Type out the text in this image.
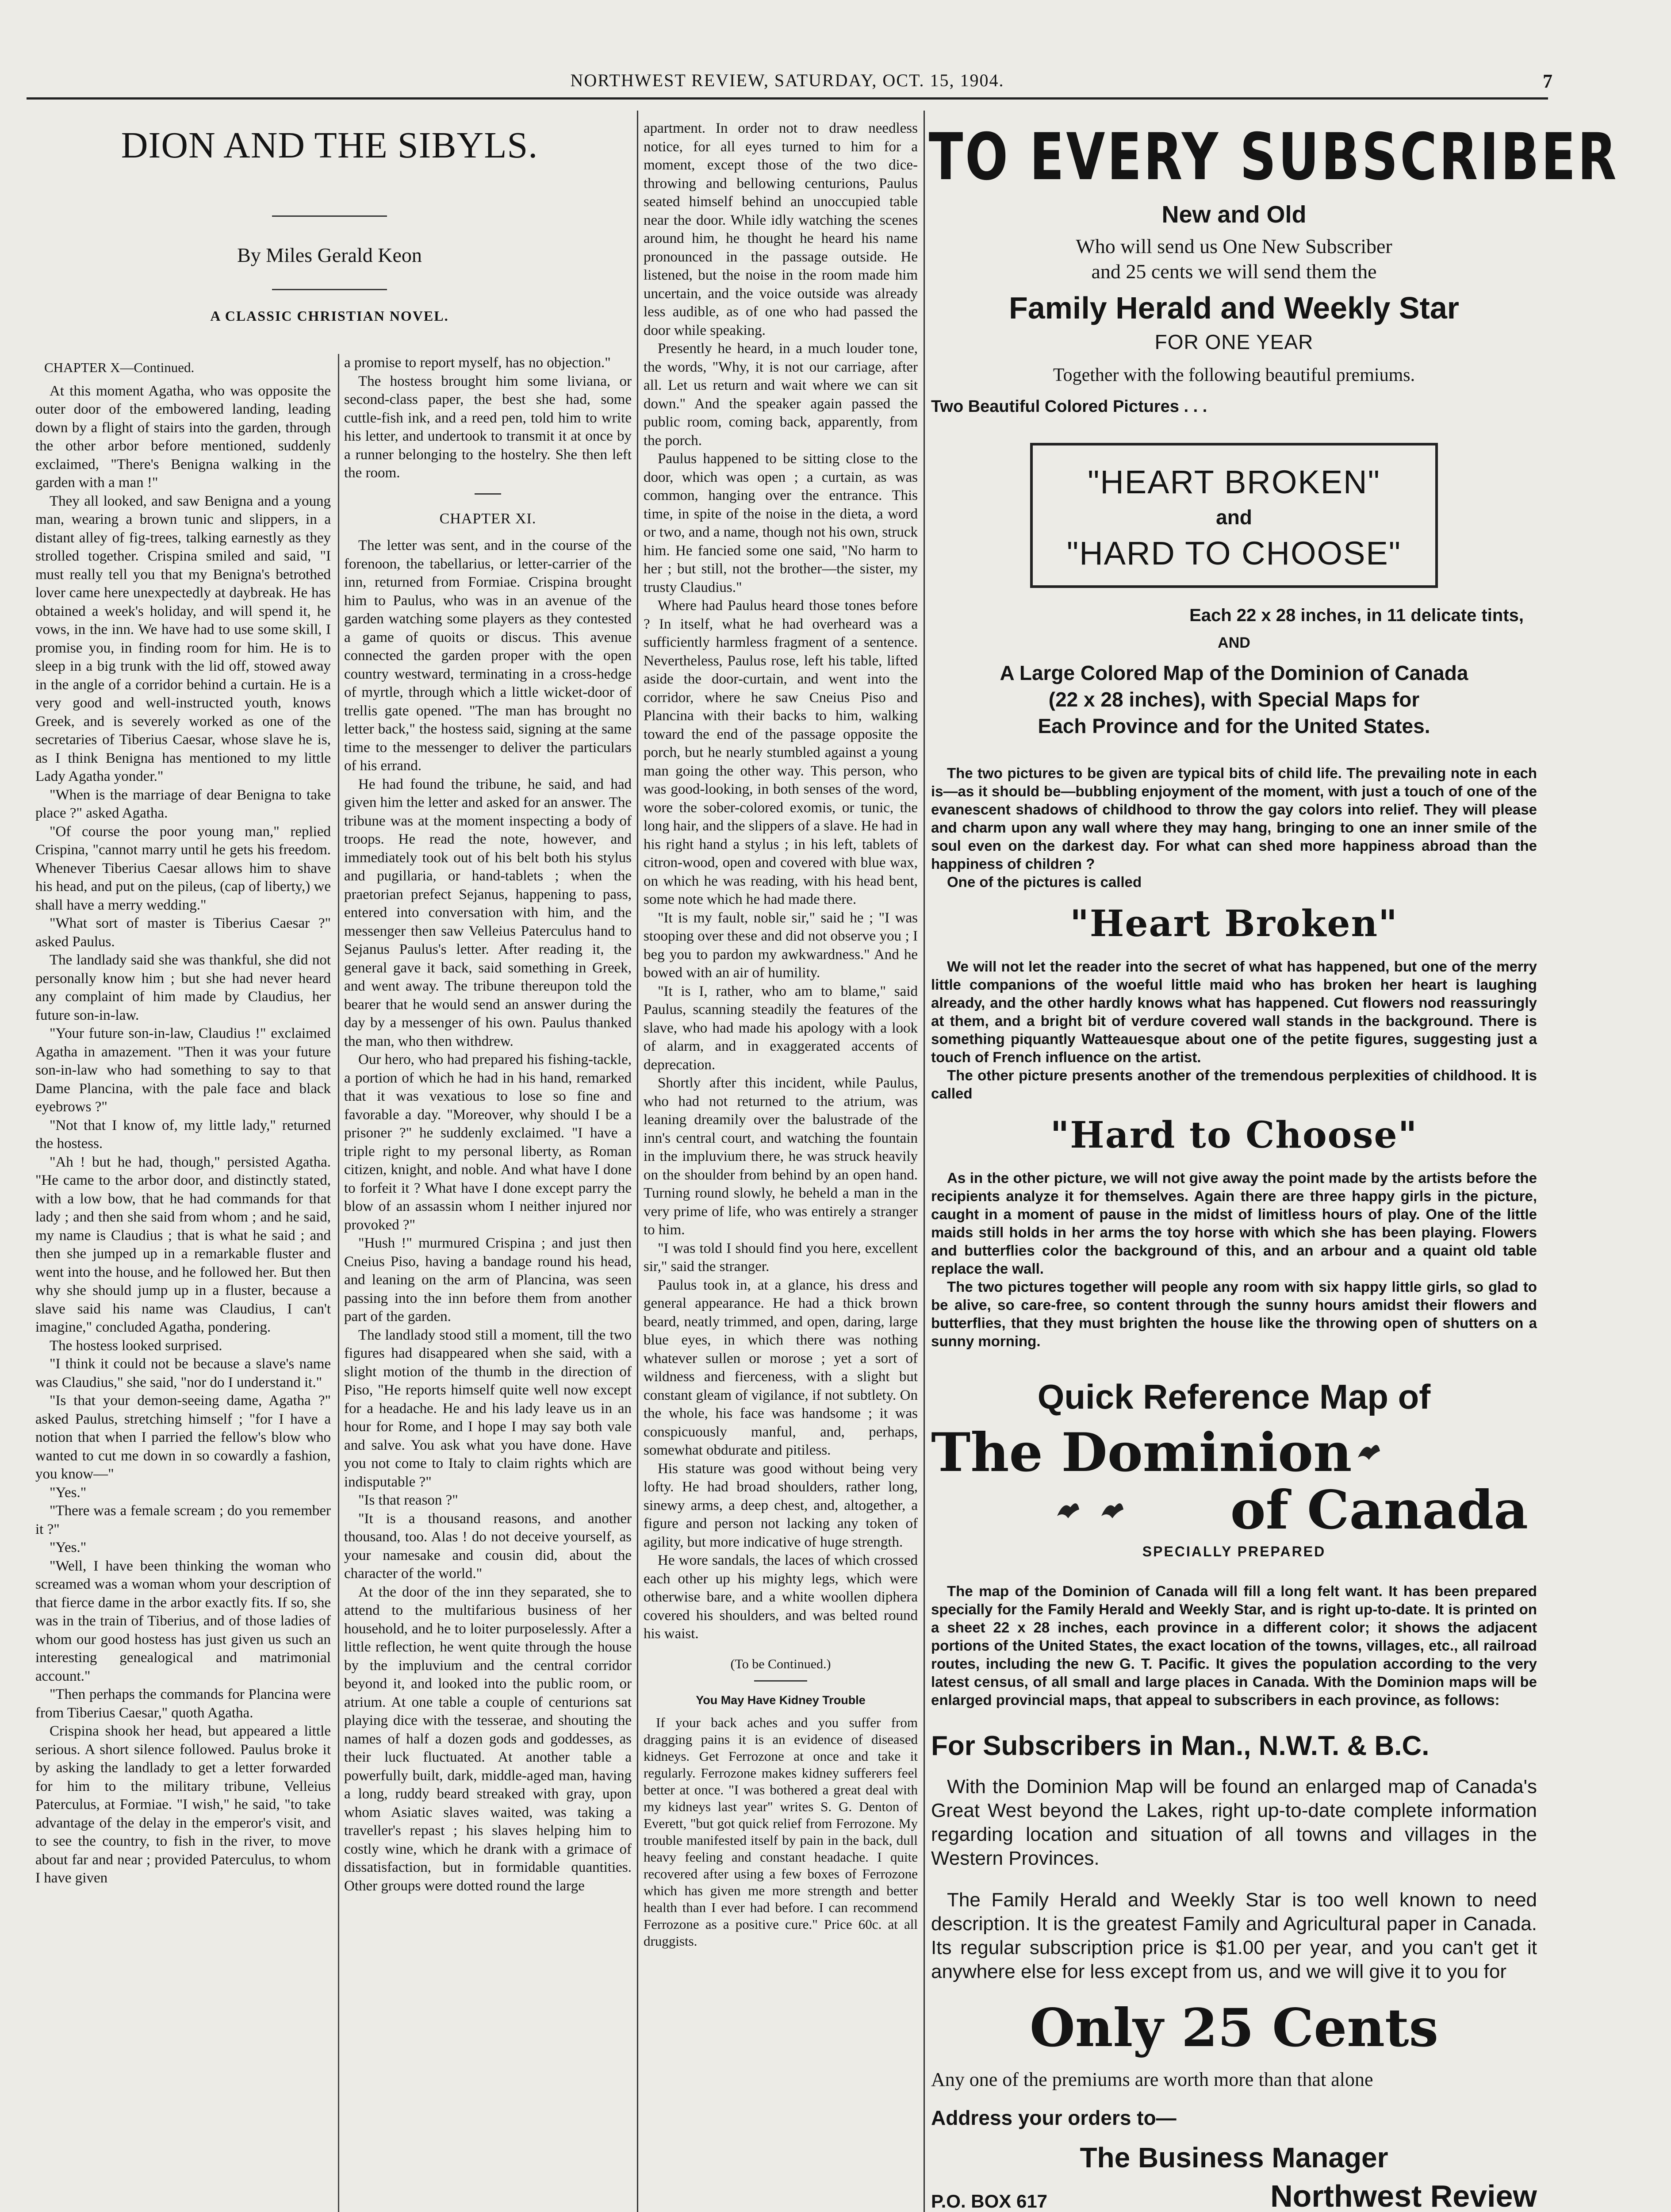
NORTHWEST REVIEW, SATURDAY, OCT. 15, 1904.	7
DION AND THE SIBYLS.
By Miles Gerald Keon
A CLASSIC CHRISTIAN NOVEL.
CHAPTER X—Continued.

At this moment Agatha, who was opposite the outer door of the embowered landing, leading down by a flight of stairs into the garden, through the other arbor before mentioned, suddenly exclaimed, "There's Benigna walking in the garden with a man !"

They all looked, and saw Benigna and a young man, wearing a brown tunic and slippers, in a distant alley of fig-trees, talking earnestly as they strolled together. Crispina smiled and said, "I must really tell you that my Benigna's betrothed lover came here unexpectedly at daybreak. He has obtained a week's holiday, and will spend it, he vows, in the inn. We have had to use some skill, I promise you, in finding room for him. He is to sleep in a big trunk with the lid off, stowed away in the angle of a corridor behind a curtain. He is a very good and well-instructed youth, knows Greek, and is severely worked as one of the secretaries of Tiberius Caesar, whose slave he is, as I think Benigna has mentioned to my little Lady Agatha yonder."

"When is the marriage of dear Benigna to take place ?" asked Agatha.

"Of course the poor young man," replied Crispina, "cannot marry until he gets his freedom. Whenever Tiberius Caesar allows him to shave his head, and put on the pileus, (cap of liberty,) we shall have a merry wedding."

"What sort of master is Tiberius Caesar ?" asked Paulus.

The landlady said she was thankful, she did not personally know him ; but she had never heard any complaint of him made by Claudius, her future son-in-law.

"Your future son-in-law, Claudius !" exclaimed Agatha in amazement. "Then it was your future son-in-law who had something to say to that Dame Plancina, with the pale face and black eyebrows ?"

"Not that I know of, my little lady," returned the hostess.

"Ah ! but he had, though," persisted Agatha. "He came to the arbor door, and distinctly stated, with a low bow, that he had commands for that lady ; and then she said from whom ; and he said, my name is Claudius ; that is what he said ; and then she jumped up in a remarkable fluster and went into the house, and he followed her. But then why she should jump up in a fluster, because a slave said his name was Claudius, I can't imagine," concluded Agatha, pondering.

The hostess looked surprised.

"I think it could not be because a slave's name was Claudius," she said, "nor do I understand it."

"Is that your demon-seeing dame, Agatha ?" asked Paulus, stretching himself ; "for I have a notion that when I parried the fellow's blow who wanted to cut me down in so cowardly a fashion, you know—"

"Yes."

"There was a female scream ; do you remember it ?"

"Yes."

"Well, I have been thinking the woman who screamed was a woman whom your description of that fierce dame in the arbor exactly fits. If so, she was in the train of Tiberius, and of those ladies of whom our good hostess has just given us such an interesting genealogical and matrimonial account."

"Then perhaps the commands for Plancina were from Tiberius Caesar," quoth Agatha.

Crispina shook her head, but appeared a little serious. A short silence followed. Paulus broke it by asking the landlady to get a letter forwarded for him to the military tribune, Velleius Paterculus, at Formiae. "I wish," he said, "to take advantage of the delay in the emperor's visit, and to see the country, to fish in the river, to move about far and near ; provided Paterculus, to whom I have given

a promise to report myself, has no objection."

The hostess brought him some liviana, or second-class paper, the best she had, some cuttle-fish ink, and a reed pen, told him to write his letter, and undertook to transmit it at once by a runner belonging to the hostelry. She then left the room.

CHAPTER XI.

The letter was sent, and in the course of the forenoon, the tabellarius, or letter-carrier of the inn, returned from Formiae. Crispina brought him to Paulus, who was in an avenue of the garden watching some players as they contested a game of quoits or discus. This avenue connected the garden proper with the open country westward, terminating in a cross-hedge of myrtle, through which a little wicket-door of trellis gate opened. "The man has brought no letter back," the hostess said, signing at the same time to the messenger to deliver the particulars of his errand.

He had found the tribune, he said, and had given him the letter and asked for an answer. The tribune was at the moment inspecting a body of troops. He read the note, however, and immediately took out of his belt both his stylus and pugillaria, or hand-tablets ; when the praetorian prefect Sejanus, happening to pass, entered into conversation with him, and the messenger then saw Velleius Paterculus hand to Sejanus Paulus's letter. After reading it, the general gave it back, said something in Greek, and went away. The tribune thereupon told the bearer that he would send an answer during the day by a messenger of his own. Paulus thanked the man, who then withdrew.

Our hero, who had prepared his fishing-tackle, a portion of which he had in his hand, remarked that it was vexatious to lose so fine and favorable a day. "Moreover, why should I be a prisoner ?" he suddenly exclaimed. "I have a triple right to my personal liberty, as Roman citizen, knight, and noble. And what have I done to forfeit it ? What have I done except parry the blow of an assassin whom I neither injured nor provoked ?"

"Hush !" murmured Crispina ; and just then Cneius Piso, having a bandage round his head, and leaning on the arm of Plancina, was seen passing into the inn before them from another part of the garden.

The landlady stood still a moment, till the two figures had disappeared when she said, with a slight motion of the thumb in the direction of Piso, "He reports himself quite well now except for a headache. He and his lady leave us in an hour for Rome, and I hope I may say both vale and salve. You ask what you have done. Have you not come to Italy to claim rights which are indisputable ?"

"Is that reason ?"

"It is a thousand reasons, and another thousand, too. Alas ! do not deceive yourself, as your namesake and cousin did, about the character of the world."

At the door of the inn they separated, she to attend to the multifarious business of her household, and he to loiter purposelessly. After a little reflection, he went quite through the house by the impluvium and the central corridor beyond it, and looked into the public room, or atrium. At one table a couple of centurions sat playing dice with the tesserae, and shouting the names of half a dozen gods and goddesses, as their luck fluctuated. At another table a powerfully built, dark, middle-aged man, having a long, ruddy beard streaked with gray, upon whom Asiatic slaves waited, was taking a traveller's repast ; his slaves helping him to costly wine, which he drank with a grimace of dissatisfaction, but in formidable quantities. Other groups were dotted round the large

apartment. In order not to draw needless notice, for all eyes turned to him for a moment, except those of the two dice-throwing and bellowing centurions, Paulus seated himself behind an unoccupied table near the door. While idly watching the scenes around him, he thought he heard his name pronounced in the passage outside. He listened, but the noise in the room made him uncertain, and the voice outside was already less audible, as of one who had passed the door while speaking.

Presently he heard, in a much louder tone, the words, "Why, it is not our carriage, after all. Let us return and wait where we can sit down." And the speaker again passed the public room, coming back, apparently, from the porch.

Paulus happened to be sitting close to the door, which was open ; a curtain, as was common, hanging over the entrance. This time, in spite of the noise in the dieta, a word or two, and a name, though not his own, struck him. He fancied some one said, "No harm to her ; but still, not the brother—the sister, my trusty Claudius."

Where had Paulus heard those tones before ? In itself, what he had overheard was a sufficiently harmless fragment of a sentence. Nevertheless, Paulus rose, left his table, lifted aside the door-curtain, and went into the corridor, where he saw Cneius Piso and Plancina with their backs to him, walking toward the end of the passage opposite the porch, but he nearly stumbled against a young man going the other way. This person, who was good-looking, in both senses of the word, wore the sober-colored exomis, or tunic, the long hair, and the slippers of a slave. He had in his right hand a stylus ; in his left, tablets of citron-wood, open and covered with blue wax, on which he was reading, with his head bent, some note which he had made there.

"It is my fault, noble sir," said he ; "I was stooping over these and did not observe you ; I beg you to pardon my awkwardness." And he bowed with an air of humility.

"It is I, rather, who am to blame," said Paulus, scanning steadily the features of the slave, who had made his apology with a look of alarm, and in exaggerated accents of deprecation.

Shortly after this incident, while Paulus, who had not returned to the atrium, was leaning dreamily over the balustrade of the inn's central court, and watching the fountain in the impluvium there, he was struck heavily on the shoulder from behind by an open hand. Turning round slowly, he beheld a man in the very prime of life, who was entirely a stranger to him.

"I was told I should find you here, excellent sir," said the stranger.

Paulus took in, at a glance, his dress and general appearance. He had a thick brown beard, neatly trimmed, and open, daring, large blue eyes, in which there was nothing whatever sullen or morose ; yet a sort of wildness and fierceness, with a slight but constant gleam of vigilance, if not subtlety. On the whole, his face was handsome ; it was conspicuously manful, and, perhaps, somewhat obdurate and pitiless.

His stature was good without being very lofty. He had broad shoulders, rather long, sinewy arms, a deep chest, and, altogether, a figure and person not lacking any token of agility, but more indicative of huge strength.

He wore sandals, the laces of which crossed each other up his mighty legs, which were otherwise bare, and a white woollen diphera covered his shoulders, and was belted round his waist.

(To be Continued.)
You May Have Kidney Trouble

If your back aches and you suffer from dragging pains it is an evidence of diseased kidneys. Get Ferrozone at once and take it regularly. Ferrozone makes kidney sufferers feel better at once. "I was bothered a great deal with my kidneys last year" writes S. G. Denton of Everett, "but got quick relief from Ferrozone. My trouble manifested itself by pain in the back, dull heavy feeling and constant headache. I quite recovered after using a few boxes of Ferrozone which has given me more strength and better health than I ever had before. I can recommend Ferrozone as a positive cure." Price 60c. at all druggists.

TO EVERY SUBSCRIBER
New and Old
Who will send us One New Subscriber
and 25 cents we will send them the
Family Herald and Weekly Star
FOR ONE YEAR
Together with the following beautiful premiums.
Two Beautiful Colored Pictures . . .
"HEART BROKEN"
and
"HARD TO CHOOSE"
Each 22 x 28 inches, in 11 delicate tints,
AND
A Large Colored Map of the Dominion of Canada
(22 x 28 inches), with Special Maps for
Each Province and for the United States.

The two pictures to be given are typical bits of child life. The prevailing note in each is—as it should be—bubbling enjoyment of the moment, with just a touch of one of the evanescent shadows of childhood to throw the gay colors into relief. They will please and charm upon any wall where they may hang, bringing to one an inner smile of the soul even on the darkest day. For what can shed more happiness abroad than the happiness of children ?

One of the pictures is called

"Heart Broken"

We will not let the reader into the secret of what has happened, but one of the merry little companions of the woeful little maid who has broken her heart is laughing already, and the other hardly knows what has happened. Cut flowers nod reassuringly at them, and a bright bit of verdure covered wall stands in the background. There is something piquantly Watteauesque about one of the petite figures, suggesting just a touch of French influence on the artist.

The other picture presents another of the tremendous perplexities of childhood. It is called

"Hard to Choose"

As in the other picture, we will not give away the point made by the artists before the recipients analyze it for themselves. Again there are three happy girls in the picture, caught in a moment of pause in the midst of limitless hours of play. One of the little maids still holds in her arms the toy horse with which she has been playing. Flowers and butterflies color the background of this, and an arbour and a quaint old table replace the wall.

The two pictures together will people any room with six happy little girls, so glad to be alive, so care-free, so content through the sunny hours amidst their flowers and butterflies, that they must brighten the house like the throwing open of shutters on a sunny morning.

Quick Reference Map of
The Dominion
of Canada
SPECIALLY PREPARED

The map of the Dominion of Canada will fill a long felt want. It has been prepared specially for the Family Herald and Weekly Star, and is right up-to-date. It is printed on a sheet 22 x 28 inches, each province in a different color; it shows the adjacent portions of the United States, the exact location of the towns, villages, etc., all railroad routes, including the new G. T. Pacific. It gives the population according to the very latest census, of all small and large places in Canada. With the Dominion maps will be enlarged provincial maps, that appeal to subscribers in each province, as follows:

For Subscribers in Man., N.W.T. & B.C.

With the Dominion Map will be found an enlarged map of Canada's Great West beyond the Lakes, right up-to-date complete information regarding location and situation of all towns and villages in the Western Provinces.

The Family Herald and Weekly Star is too well known to need description. It is the greatest Family and Agricultural paper in Canada. Its regular subscription price is $1.00 per year, and you can't get it anywhere else for less except from us, and we will give it to you for

Only 25 Cents
Any one of the premiums are worth more than that alone
Address your orders to—
The Business Manager
P.O. BOX 617	Northwest Review
